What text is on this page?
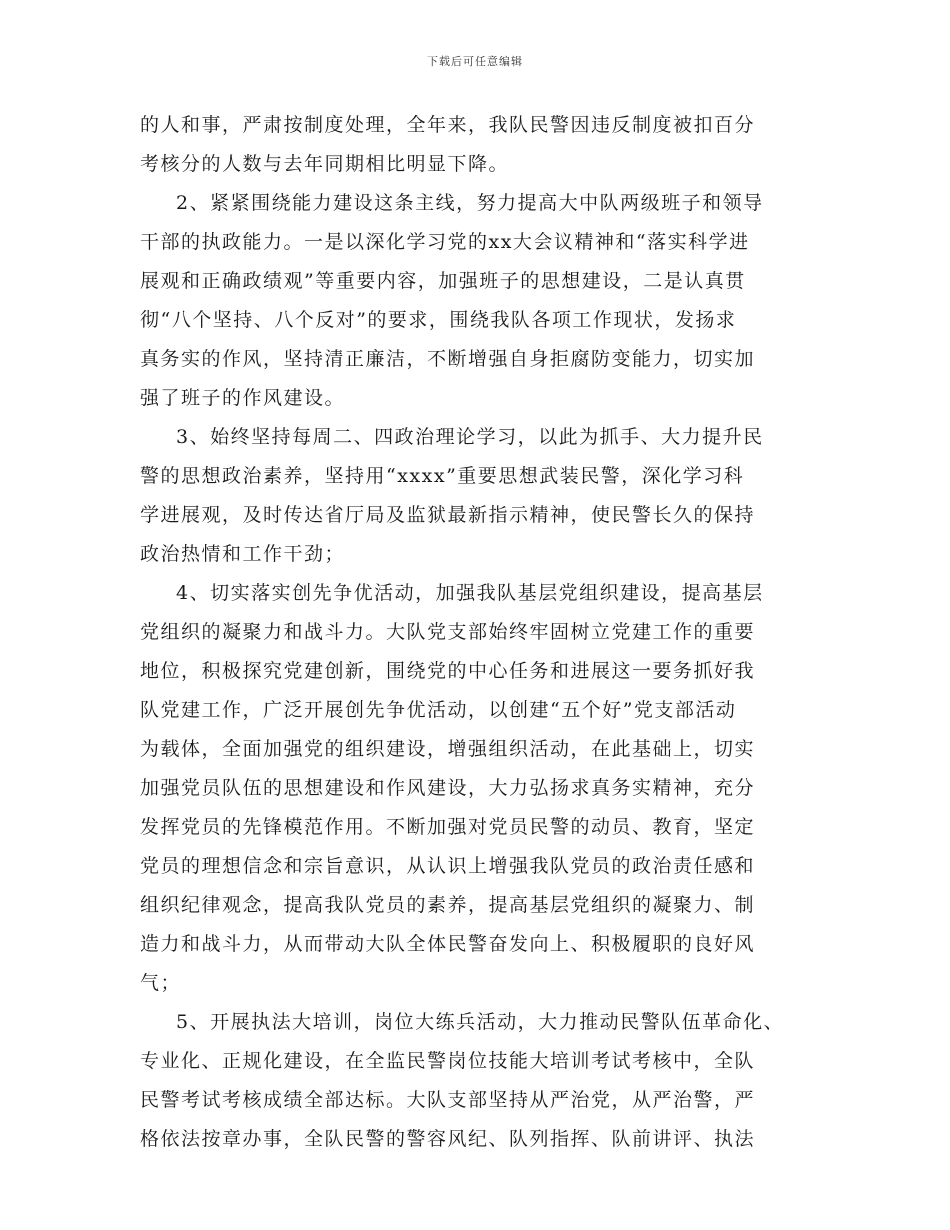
下载后可任意编辑
的人和事，严肃按制度处理，全年来，我队民警因违反制度被扣百分
考核分的人数与去年同期相比明显下降。
2、紧紧围绕能力建设这条主线，努力提高大中队两级班子和领导
干部的执政能力。一是以深化学习党的xx大会议精神和“落实科学进
展观和正确政绩观”等重要内容，加强班子的思想建设，二是认真贯
彻“八个坚持、八个反对”的要求，围绕我队各项工作现状，发扬求
真务实的作风，坚持清正廉洁，不断增强自身拒腐防变能力，切实加
强了班子的作风建设。
3、始终坚持每周二、四政治理论学习，以此为抓手、大力提升民
警的思想政治素养，坚持用“xxxx”重要思想武装民警，深化学习科
学进展观，及时传达省厅局及监狱最新指示精神，使民警长久的保持
政治热情和工作干劲；
4、切实落实创先争优活动，加强我队基层党组织建设，提高基层
党组织的凝聚力和战斗力。大队党支部始终牢固树立党建工作的重要
地位，积极探究党建创新，围绕党的中心任务和进展这一要务抓好我
队党建工作，广泛开展创先争优活动，以创建“五个好”党支部活动
为载体，全面加强党的组织建设，增强组织活动，在此基础上，切实
加强党员队伍的思想建设和作风建设，大力弘扬求真务实精神，充分
发挥党员的先锋模范作用。不断加强对党员民警的动员、教育，坚定
党员的理想信念和宗旨意识，从认识上增强我队党员的政治责任感和
组织纪律观念，提高我队党员的素养，提高基层党组织的凝聚力、制
造力和战斗力，从而带动大队全体民警奋发向上、积极履职的良好风
气；
5、开展执法大培训，岗位大练兵活动，大力推动民警队伍革命化、
专业化、正规化建设，在全监民警岗位技能大培训考试考核中，全队
民警考试考核成绩全部达标。大队支部坚持从严治党，从严治警，严
格依法按章办事，全队民警的警容风纪、队列指挥、队前讲评、执法
